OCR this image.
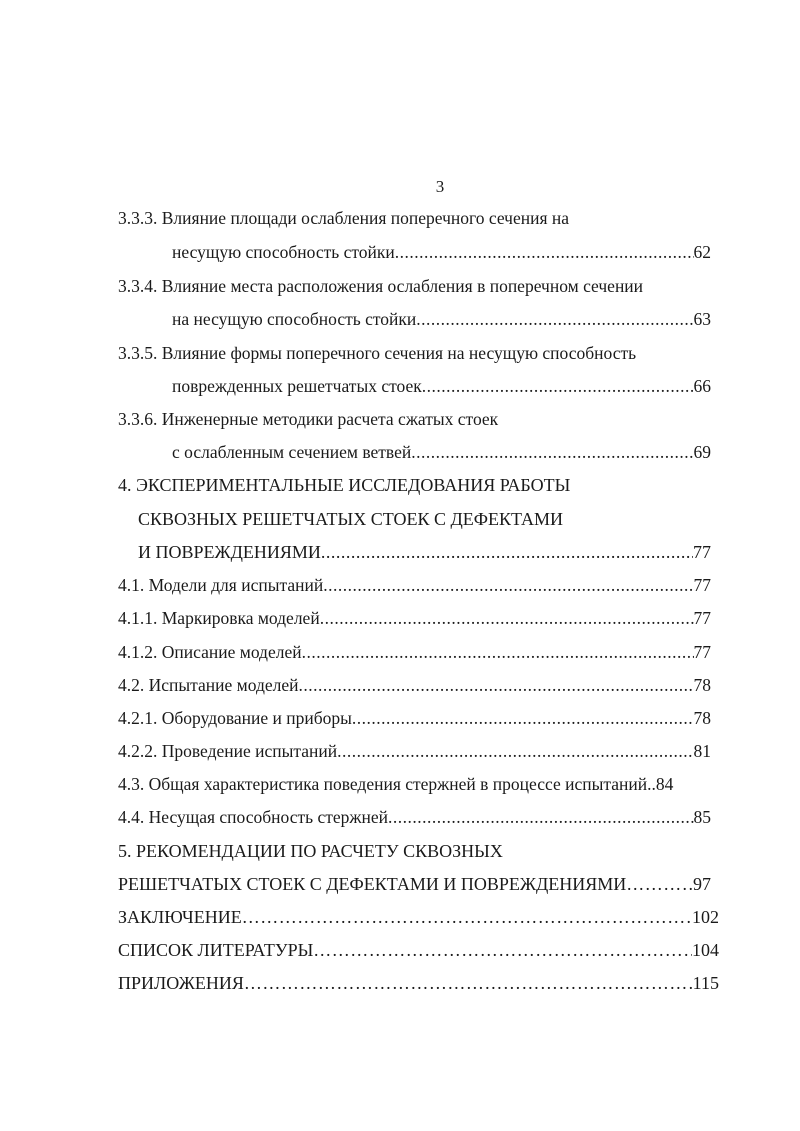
3
3.3.3. Влияние площади ослабления поперечного сечения на
несущую способность стойки .....	62
3.3.4. Влияние места расположения ослабления в поперечном сечении
на несущую способность стойки .....	63
3.3.5. Влияние формы поперечного сечения на несущую способность
поврежденных решетчатых стоек .....	66
3.3.6. Инженерные методики расчета сжатых стоек
с ослабленным сечением ветвей .....	69
4. ЭКСПЕРИМЕНТАЛЬНЫЕ ИССЛЕДОВАНИЯ РАБОТЫ
СКВОЗНЫХ РЕШЕТЧАТЫХ СТОЕК С ДЕФЕКТАМИ
И ПОВРЕЖДЕНИЯМИ .....	77
4.1. Модели для испытаний .....	77
4.1.1. Маркировка моделей .....	77
4.1.2. Описание моделей .....	77
4.2. Испытание моделей .....	78
4.2.1. Оборудование и приборы .....	78
4.2.2. Проведение испытаний .....	81
4.3. Общая характеристика поведения стержней в процессе испытаний.. 84
4.4. Несущая способность стержней .....	85
5. РЕКОМЕНДАЦИИ ПО РАСЧЕТУ СКВОЗНЫХ
РЕШЕТЧАТЫХ СТОЕК С ДЕФЕКТАМИ И ПОВРЕЖДЕНИЯМИ …………………………………………………………………………………………………………………………………………………………………………………………………	97
ЗАКЛЮЧЕНИЕ …………………………………………………………………………………………………………………………………………………………………………………………………	102
СПИСОК ЛИТЕРАТУРЫ …………………………………………………………………………………………………………………………………………………………………………………………………	104
ПРИЛОЖЕНИЯ …………………………………………………………………………………………………………………………………………………………………………………………………	115
